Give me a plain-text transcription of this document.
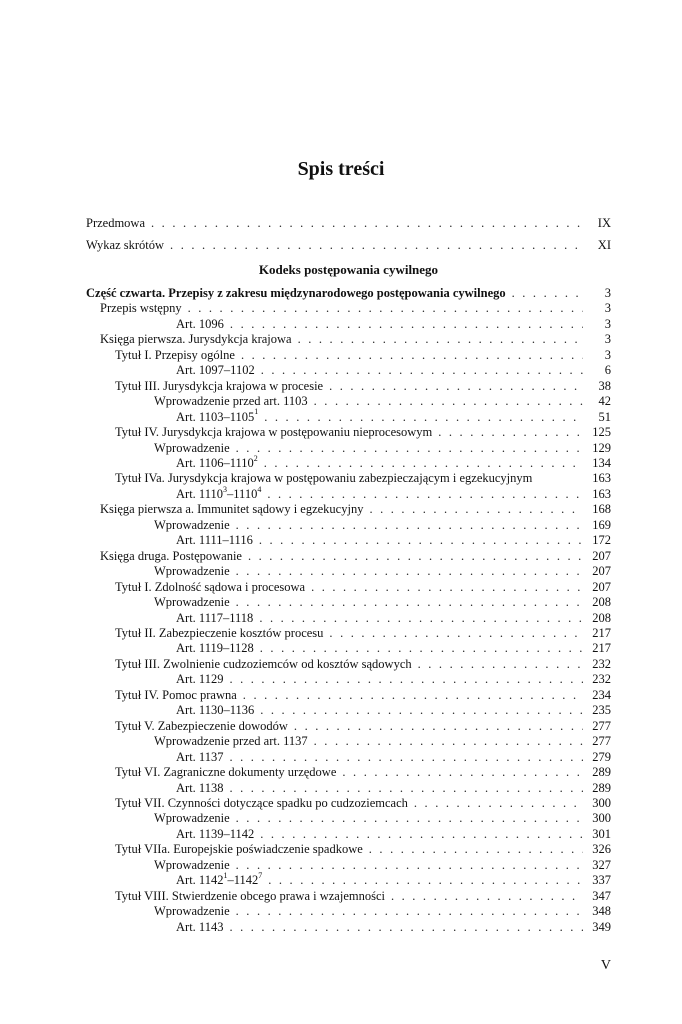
Spis treści
Przedmowa . . .	IX
Wykaz skrótów . . .	XI
Kodeks postępowania cywilnego
Część czwarta. Przepisy z zakresu międzynarodowego postępowania cywilnego . . .	3
Przepis wstępny . . .	3
Art. 1096 . . .	3
Księga pierwsza. Jurysdykcja krajowa . . .	3
Tytuł I. Przepisy ogólne . . .	3
Art. 1097–1102 . . .	6
Tytuł III. Jurysdykcja krajowa w procesie . . .	38
Wprowadzenie przed art. 1103 . . .	42
Art. 1103–1105$^1$ . . .	51
Tytuł IV. Jurysdykcja krajowa w postępowaniu nieprocesowym . . .	125
Wprowadzenie . . .	129
Art. 1106–1110$^2$ . . .	134
Tytuł IVa. Jurysdykcja krajowa w postępowaniu zabezpieczającym i egzekucyjnym	163
Art. 1110$^3$–1110$^4$ . . .	163
Księga pierwsza a. Immunitet sądowy i egzekucyjny . . .	168
Wprowadzenie . . .	169
Art. 1111–1116 . . .	172
Księga druga. Postępowanie . . .	207
Wprowadzenie . . .	207
Tytuł I. Zdolność sądowa i procesowa . . .	207
Wprowadzenie . . .	208
Art. 1117–1118 . . .	208
Tytuł II. Zabezpieczenie kosztów procesu . . .	217
Art. 1119–1128 . . .	217
Tytuł III. Zwolnienie cudzoziemców od kosztów sądowych . . .	232
Art. 1129 . . .	232
Tytuł IV. Pomoc prawna . . .	234
Art. 1130–1136 . . .	235
Tytuł V. Zabezpieczenie dowodów . . .	277
Wprowadzenie przed art. 1137 . . .	277
Art. 1137 . . .	279
Tytuł VI. Zagraniczne dokumenty urzędowe . . .	289
Art. 1138 . . .	289
Tytuł VII. Czynności dotyczące spadku po cudzoziemcach . . .	300
Wprowadzenie . . .	300
Art. 1139–1142 . . .	301
Tytuł VIIa. Europejskie poświadczenie spadkowe . . .	326
Wprowadzenie . . .	327
Art. 1142$^1$–1142$^7$ . . .	337
Tytuł VIII. Stwierdzenie obcego prawa i wzajemności . . .	347
Wprowadzenie . . .	348
Art. 1143 . . .	349
V
